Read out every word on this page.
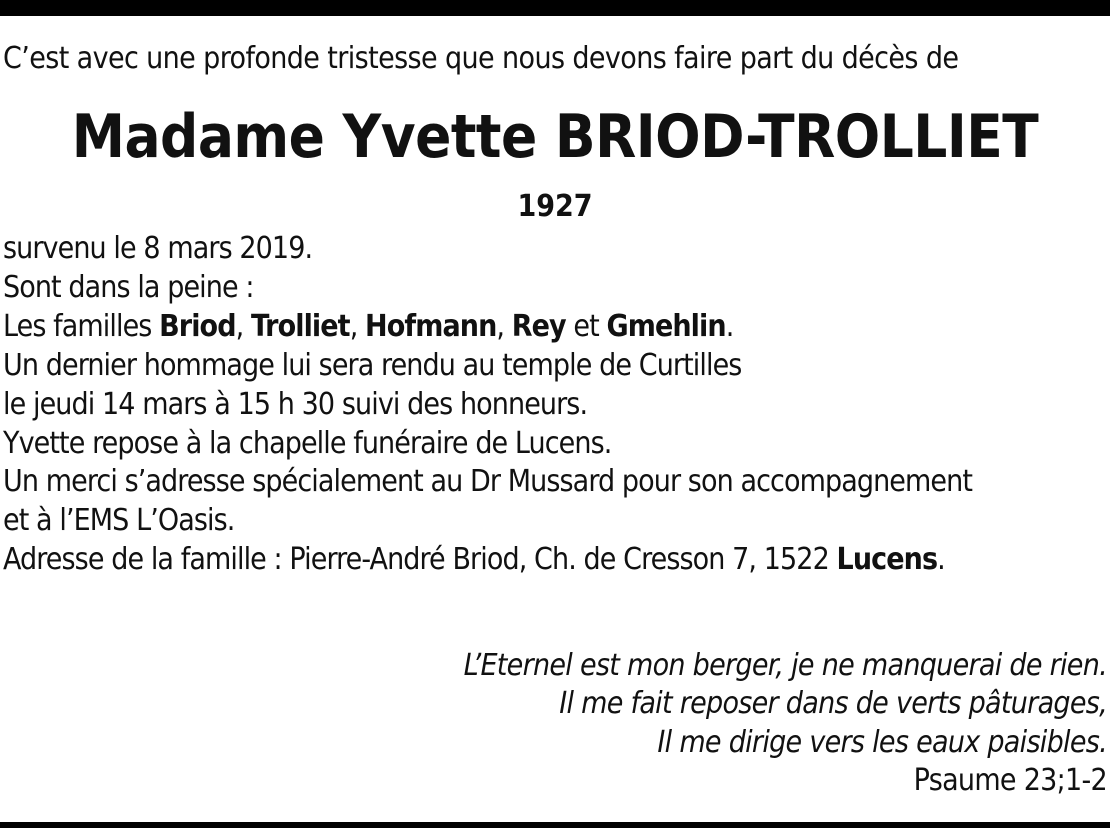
C’est avec une profonde tristesse que nous devons faire part du décès de
Madame Yvette BRIOD-TROLLIET
1927
survenu le 8 mars 2019.
Sont dans la peine :
Les familles Briod, Trolliet, Hofmann, Rey et Gmehlin.
Un dernier hommage lui sera rendu au temple de Curtilles
le jeudi 14 mars à 15 h 30 suivi des honneurs.
Yvette repose à la chapelle funéraire de Lucens.
Un merci s’adresse spécialement au Dr Mussard pour son accompagnement
et à l’EMS L’Oasis.
Adresse de la famille : Pierre-André Briod, Ch. de Cresson 7, 1522 Lucens.
L’Eternel est mon berger, je ne manquerai de rien.
Il me fait reposer dans de verts pâturages,
Il me dirige vers les eaux paisibles.
Psaume 23;1-2
